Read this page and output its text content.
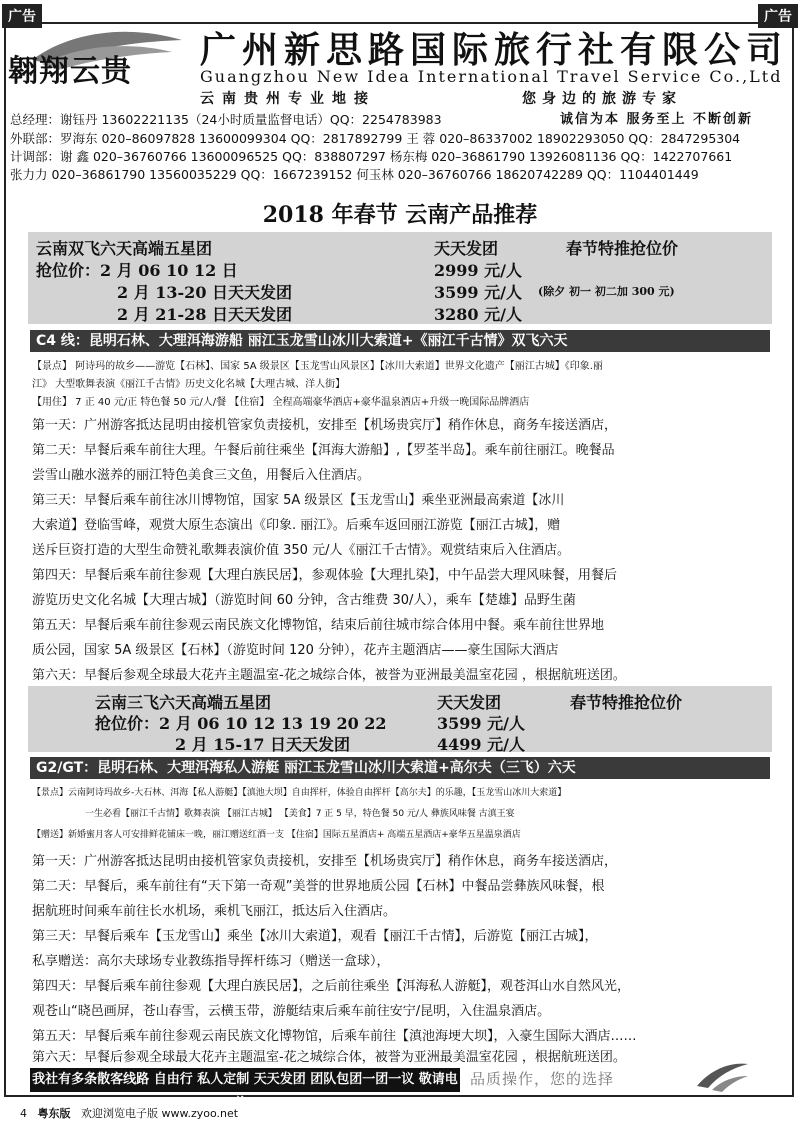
广告	广告
翱翔云贵
广州新思路国际旅行社有限公司
Guangzhou New Idea International Travel Service Co.,Ltd
云南贵州专业地接	您身边的旅游专家
总经理：谢钰丹 13602221135（24小时质量监督电话）QQ：2254783983	诚信为本 服务至上 不断创新
外联部：罗海东 020–86097828 13600099304 QQ：2817892799 王 蓉 020–86337002 18902293050 QQ：2847295304
计调部：谢 鑫 020–36760766 13600096525 QQ：838807297 杨东梅 020–36861790 13926081136 QQ：1422707661
张力力 020–36861790 13560035229 QQ：1667239152 何玉林 020–36760766 18620742289 QQ：1104401449
2018 年春节 云南产品推荐
云南双飞六天高端五星团	天天发团	春节特推抢位价
抢位价：2 月 06 10 12 日	2999 元/人
2 月 13-20 日天天发团	3599 元/人 (除夕 初一 初二加 300 元)
2 月 21-28 日天天发团	3280 元/人
C4 线：昆明石林、大理洱海游船 丽江玉龙雪山冰川大索道+《丽江千古情》双飞六天
【景点】 阿诗玛的故乡——游览【石林】、国家 5A 级景区【玉龙雪山风景区】【冰川大索道】世界文化遗产【丽江古城】《印象.丽
江》 大型歌舞表演《丽江千古情》历史文化名城【大理古城、洋人街】
【用住】 7 正 40 元/正 特色餐 50 元/人/餐 【住宿】 全程高端豪华酒店+豪华温泉酒店+升级一晚国际品牌酒店
第一天：广州游客抵达昆明由接机管家负责接机，安排至【机场贵宾厅】稍作休息，商务车接送酒店，
第二天：早餐后乘车前往大理。午餐后前往乘坐【洱海大游船】,【罗荃半岛】。乘车前往丽江。晚餐品
尝雪山融水滋养的丽江特色美食三文鱼，用餐后入住酒店。
第三天：早餐后乘车前往冰川博物馆，国家 5A 级景区【玉龙雪山】乘坐亚洲最高索道【冰川
大索道】登临雪峰，观赏大原生态演出《印象. 丽江》。后乘车返回丽江游览【丽江古城】，赠
送斥巨资打造的大型生命赞礼歌舞表演价值 350 元/人《丽江千古情》。观赏结束后入住酒店。
第四天：早餐后乘车前往参观【大理白族民居】，参观体验【大理扎染】，中午品尝大理风味餐，用餐后
游览历史文化名城【大理古城】（游览时间 60 分钟，含古维费 30/人），乘车【楚雄】品野生菌
第五天：早餐后乘车前往参观云南民族文化博物馆，结束后前往城市综合体用中餐。乘车前往世界地
质公园，国家 5A 级景区【石林】（游览时间 120 分钟），花卉主题酒店——豪生国际大酒店
第六天：早餐后参观全球最大花卉主题温室-花之城综合体，被誉为亚洲最美温室花园 ，根据航班送团。
云南三飞六天高端五星团	天天发团	春节特推抢位价
抢位价：2 月 06 10 12 13 19 20 22	3599 元/人
2 月 15-17 日天天发团	4499 元/人
G2/GT：昆明石林、大理洱海私人游艇 丽江玉龙雪山冰川大索道+高尔夫（三飞）六天
【景点】云南阿诗玛故乡-大石林、洱海【私人游艇】【滇池大坝】自由挥杆，体验自由挥杆【高尔夫】的乐趣，【玉龙雪山冰川大索道】
一生必看【丽江千古情】歌舞表演 【丽江古城】 【美食】7 正 5 早，特色餐 50 元/人 彝族风味餐 古滇王宴
【赠送】新婚蜜月客人可安排鲜花铺床一晚，丽江赠送红酒一支 【住宿】国际五星酒店+ 高端五星酒店+豪华五星温泉酒店
第一天：广州游客抵达昆明由接机管家负责接机，安排至【机场贵宾厅】稍作休息，商务车接送酒店，
第二天：早餐后，乘车前往有“天下第一奇观”美誉的世界地质公园【石林】中餐品尝彝族风味餐，根
据航班时间乘车前往长水机场，乘机飞丽江，抵达后入住酒店。
第三天：早餐后乘车【玉龙雪山】乘坐【冰川大索道】，观看【丽江千古情】，后游览【丽江古城】，
私享赠送：高尔夫球场专业教练指导挥杆练习（赠送一盒球），
第四天：早餐后乘车前往参观【大理白族民居】，之后前往乘坐【洱海私人游艇】，观苍洱山水自然风光，
观苍山“晓邑画屏，苍山春雪，云横玉带，游艇结束后乘车前往安宁/昆明，入住温泉酒店。
第五天：早餐后乘车前往参观云南民族文化博物馆，后乘车前往【滇池海埂大坝】，入豪生国际大酒店……
第六天：早餐后参观全球最大花卉主题温室-花之城综合体，被誉为亚洲最美温室花园 ，根据航班送团。
我社有多条散客线路 自由行 私人定制 天天发团 团队包团一团一议 敬请电询!
品质操作，您的选择
4 粤东版 欢迎浏览电子版 www.zyoo.net
